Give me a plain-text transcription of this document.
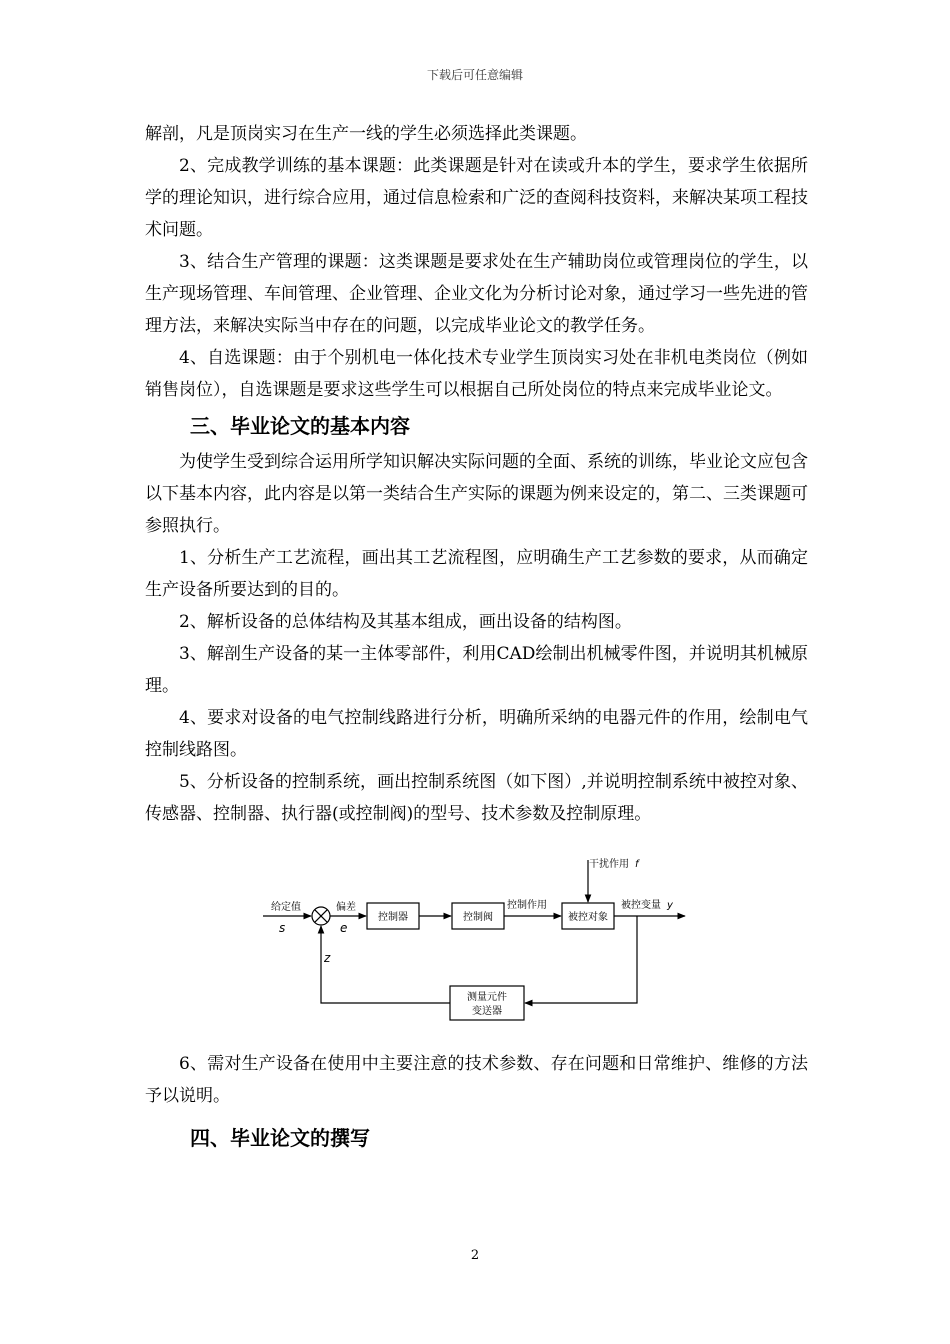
下载后可任意编辑

解剖，凡是顶岗实习在生产一线的学生必须选择此类课题。

2、完成教学训练的基本课题：此类课题是针对在读或升本的学生，要求学生依据所学的理论知识，进行综合应用，通过信息检索和广泛的查阅科技资料，来解决某项工程技术问题。

3、结合生产管理的课题：这类课题是要求处在生产辅助岗位或管理岗位的学生，以生产现场管理、车间管理、企业管理、企业文化为分析讨论对象，通过学习一些先进的管理方法，来解决实际当中存在的问题，以完成毕业论文的教学任务。

4、自选课题：由于个别机电一体化技术专业学生顶岗实习处在非机电类岗位（例如销售岗位），自选课题是要求这些学生可以根据自己所处岗位的特点来完成毕业论文。

三、毕业论文的基本内容

为使学生受到综合运用所学知识解决实际问题的全面、系统的训练，毕业论文应包含以下基本内容，此内容是以第一类结合生产实际的课题为例来设定的，第二、三类课题可参照执行。

1、分析生产工艺流程，画出其工艺流程图，应明确生产工艺参数的要求，从而确定生产设备所要达到的目的。

2、解析设备的总体结构及其基本组成，画出设备的结构图。

3、解剖生产设备的某一主体零部件，利用CAD绘制出机械零件图，并说明其机械原理。

4、要求对设备的电气控制线路进行分析，明确所采纳的电器元件的作用，绘制电气控制线路图。

5、分析设备的控制系统，画出控制系统图（如下图）,并说明控制系统中被控对象、传感器、控制器、执行器(或控制阀)的型号、技术参数及控制原理。

干扰作用 f
给定值
s
偏差
e
控制器	控制阀
控制作用
被控对象
被控变量 y
z
测量元件
变送器

6、需对生产设备在使用中主要注意的技术参数、存在问题和日常维护、维修的方法予以说明。

四、毕业论文的撰写
2
